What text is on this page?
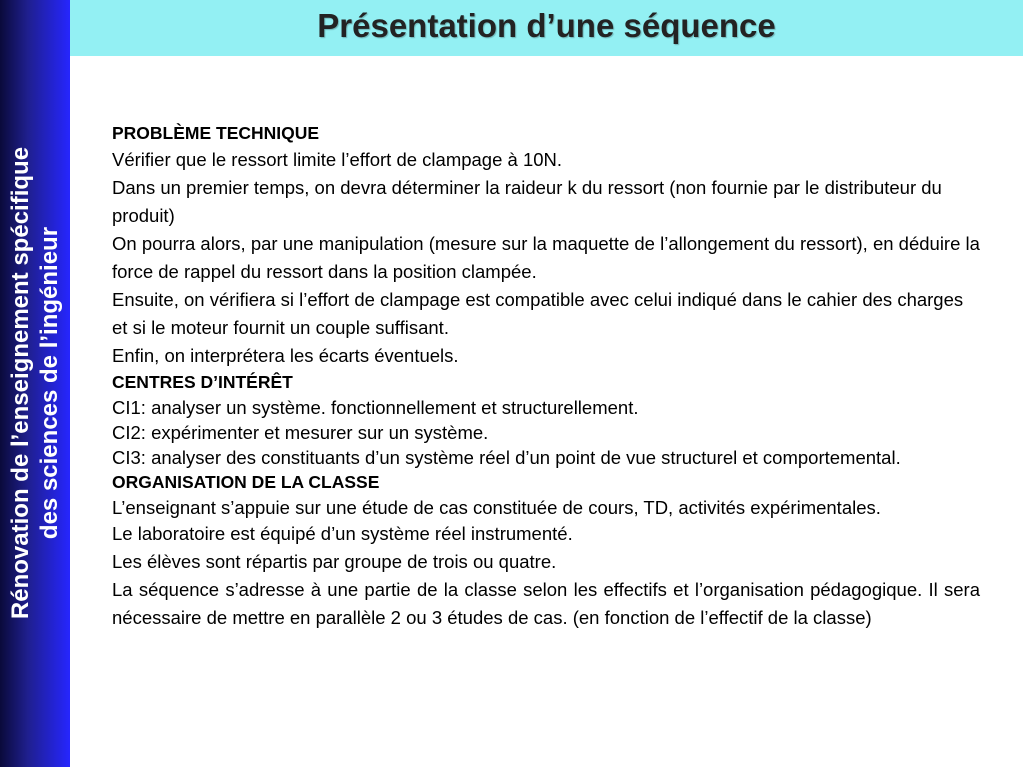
Rénovation de l’enseignement spécifique des sciences de l’ingénieur
Présentation d’une séquence

PROBLÈME TECHNIQUE

Vérifier que le ressort limite l’effort de clampage à 10N.

Dans un premier temps, on devra déterminer la raideur k du ressort (non fournie par le distributeur du produit)

On pourra alors, par une manipulation (mesure sur la maquette de l’allongement du ressort), en déduire la force de rappel du ressort dans la position clampée.

Ensuite, on vérifiera si l’effort de clampage est compatible avec celui indiqué dans le cahier des charges et si le moteur fournit un couple suffisant.

Enfin, on interprétera les écarts éventuels.

CENTRES D’INTÉRÊT

CI1: analyser un système. fonctionnellement et structurellement.

CI2: expérimenter et mesurer sur un système.

CI3: analyser des constituants d’un système réel d’un point de vue structurel et comportemental.

ORGANISATION DE LA CLASSE

L’enseignant s’appuie sur une étude de cas constituée de cours, TD, activités expérimentales.

Le laboratoire est équipé d’un système réel instrumenté.

Les élèves sont répartis par groupe de trois ou quatre.

La séquence s’adresse à une partie de la classe selon les effectifs et l’organisation pédagogique. Il sera nécessaire de mettre en parallèle 2 ou 3 études de cas. (en fonction de l’effectif de la classe)
